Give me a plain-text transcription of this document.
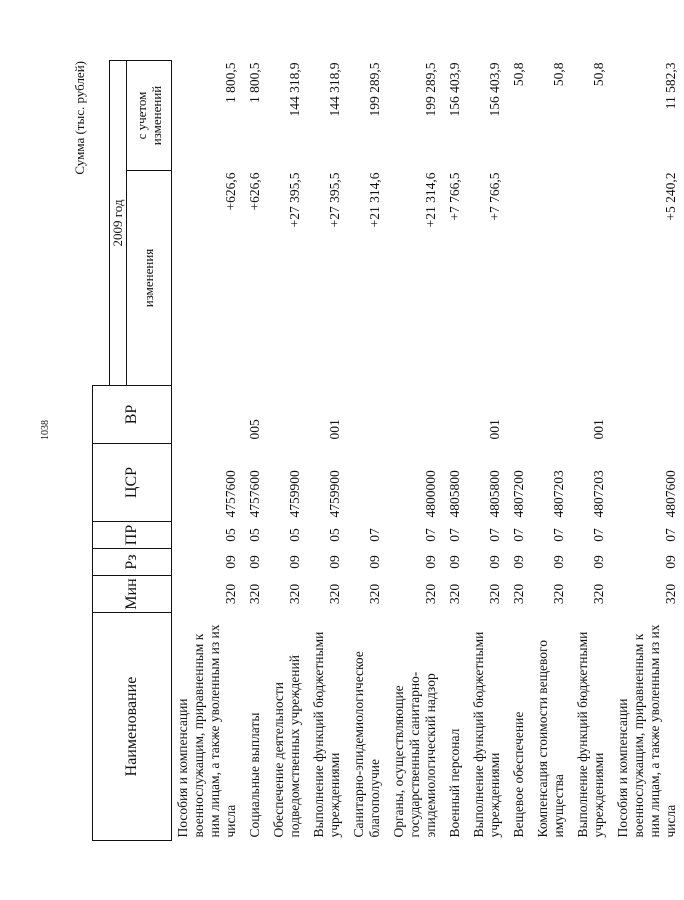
1038
Сумма (тыс. рублей)
Наименование	Мин	Рз	ПР	ЦСР	ВР		
						2009 год	
						изменения	с учетом изменений
Пособия и компенсации военнослужащим, приравненным к ним лицам, а также уволенным из их числа	320	09	05	4757600		+626,6	1 800,5
Социальные выплаты	320	09	05	4757600	005	+626,6	1 800,5
Обеспечение деятельности подведомственных учреждений	320	09	05	4759900		+27 395,5	144 318,9
Выполнение функций бюджетными учреждениями	320	09	05	4759900	001	+27 395,5	144 318,9
Санитарно-эпидемиологическое благополучие	320	09	07			+21 314,6	199 289,5
Органы, осуществляющие государственный санитарно-эпидемиологический надзор	320	09	07	4800000		+21 314,6	199 289,5
Военный персонал	320	09	07	4805800		+7 766,5	156 403,9
Выполнение функций бюджетными учреждениями	320	09	07	4805800	001	+7 766,5	156 403,9
Вещевое обеспечение	320	09	07	4807200			50,8
Компенсация стоимости вещевого имущества	320	09	07	4807203			50,8
Выполнение функций бюджетными учреждениями	320	09	07	4807203	001		50,8
Пособия и компенсации военнослужащим, приравненным к ним лицам, а также уволенным из их числа	320	09	07	4807600		+5 240,2	11 582,3
